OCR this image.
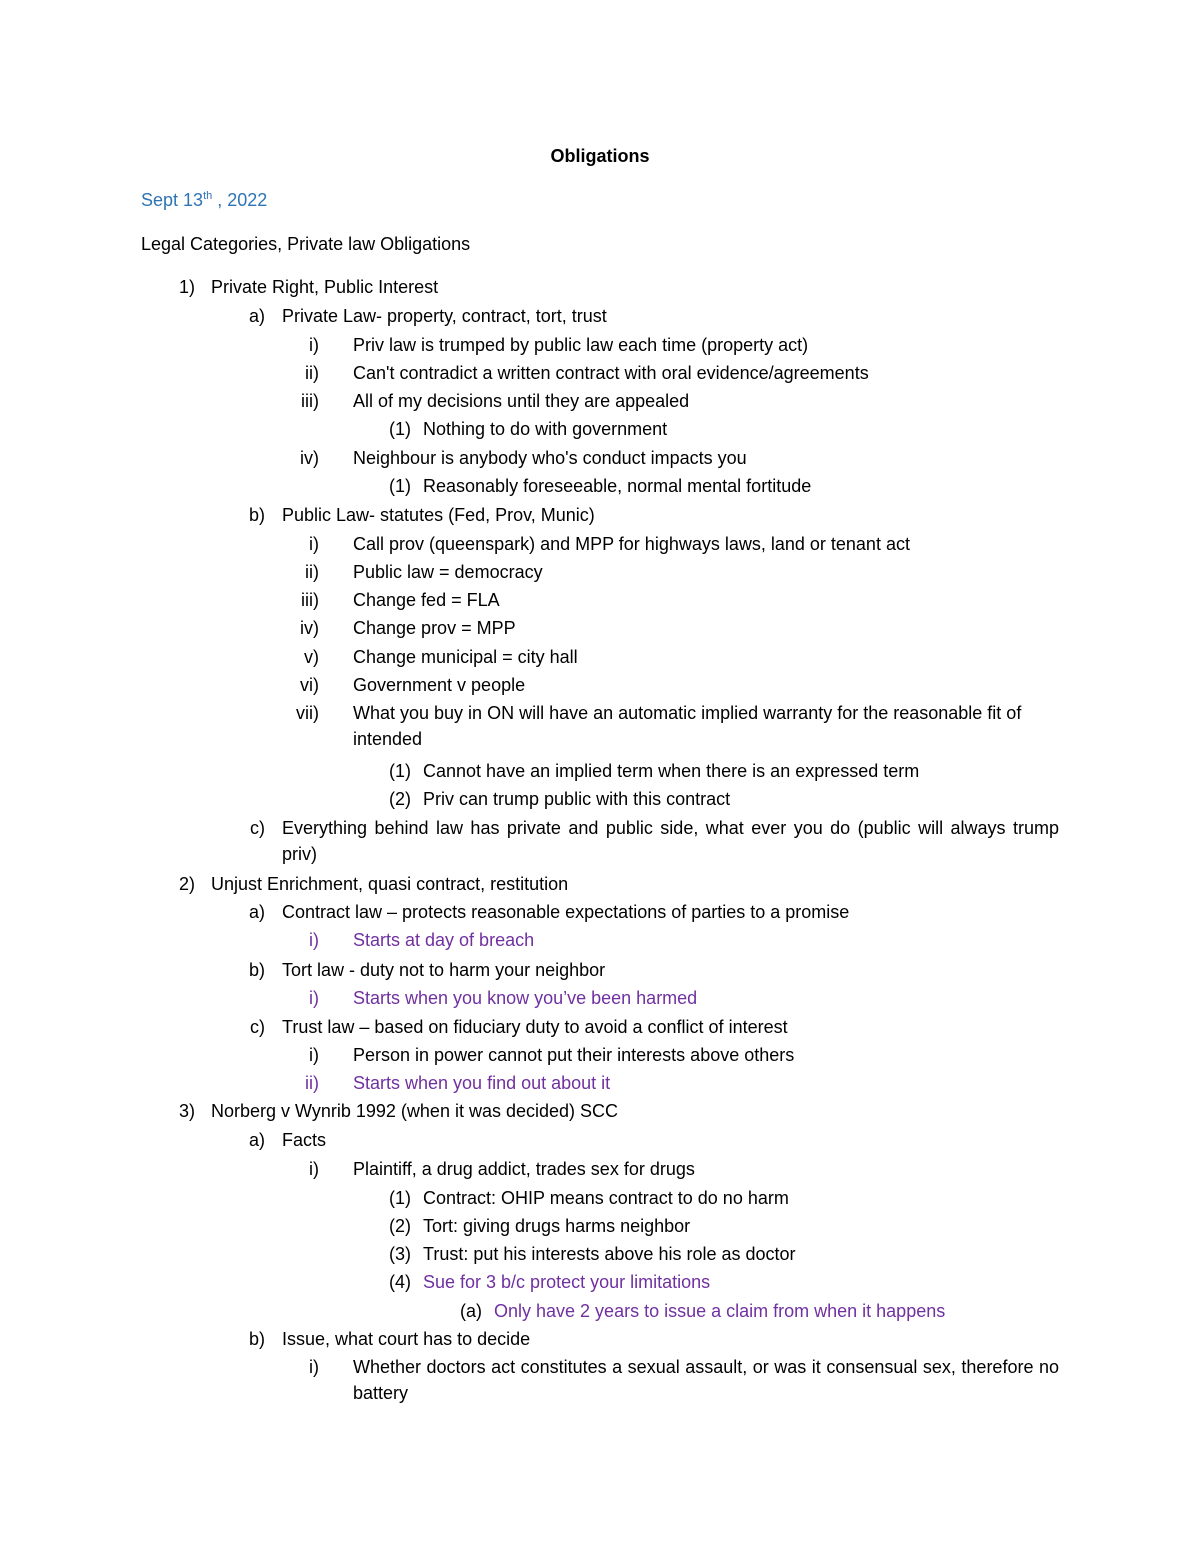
Obligations
Sept 13th , 2022
Legal Categories, Private law Obligations
1) Private Right, Public Interest
a) Private Law- property, contract, tort, trust
i) Priv law is trumped by public law each time (property act)
ii) Can't contradict a written contract with oral evidence/agreements
iii) All of my decisions until they are appealed
(1) Nothing to do with government
iv) Neighbour is anybody who's conduct impacts you
(1) Reasonably foreseeable, normal mental fortitude
b) Public Law- statutes (Fed, Prov, Munic)
i) Call prov (queenspark) and MPP for highways laws, land or tenant act
ii) Public law = democracy
iii) Change fed = FLA
iv) Change prov = MPP
v) Change municipal = city hall
vi) Government v people
vii) What you buy in ON will have an automatic implied warranty for the reasonable fit of intended
(1) Cannot have an implied term when there is an expressed term
(2) Priv can trump public with this contract
c) Everything behind law has private and public side, what ever you do (public will always trump priv)
2) Unjust Enrichment, quasi contract, restitution
a) Contract law – protects reasonable expectations of parties to a promise
i) Starts at day of breach
b) Tort law - duty not to harm your neighbor
i) Starts when you know you’ve been harmed
c) Trust law – based on fiduciary duty to avoid a conflict of interest
i) Person in power cannot put their interests above others
ii) Starts when you find out about it
3) Norberg v Wynrib 1992 (when it was decided) SCC
a) Facts
i) Plaintiff, a drug addict, trades sex for drugs
(1) Contract: OHIP means contract to do no harm
(2) Tort: giving drugs harms neighbor
(3) Trust: put his interests above his role as doctor
(4) Sue for 3 b/c protect your limitations
(a) Only have 2 years to issue a claim from when it happens
b) Issue, what court has to decide
i) Whether doctors act constitutes a sexual assault, or was it consensual sex, therefore no battery
